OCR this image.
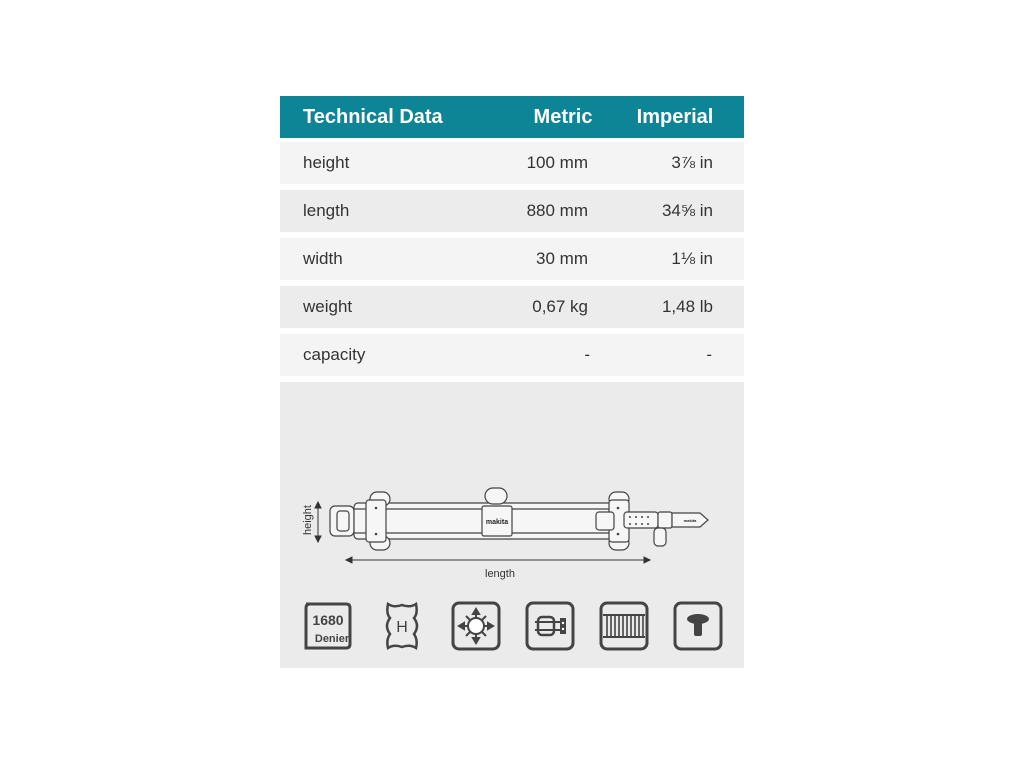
Technical Data	Metric	Imperial
height	100 mm	3⅞ in
length	880 mm	34⅝ in
width	30 mm	1⅛ in
weight	0,67 kg	1,48 lb
capacity	-	-
makita	makita
height
length
1680
Denier
H
